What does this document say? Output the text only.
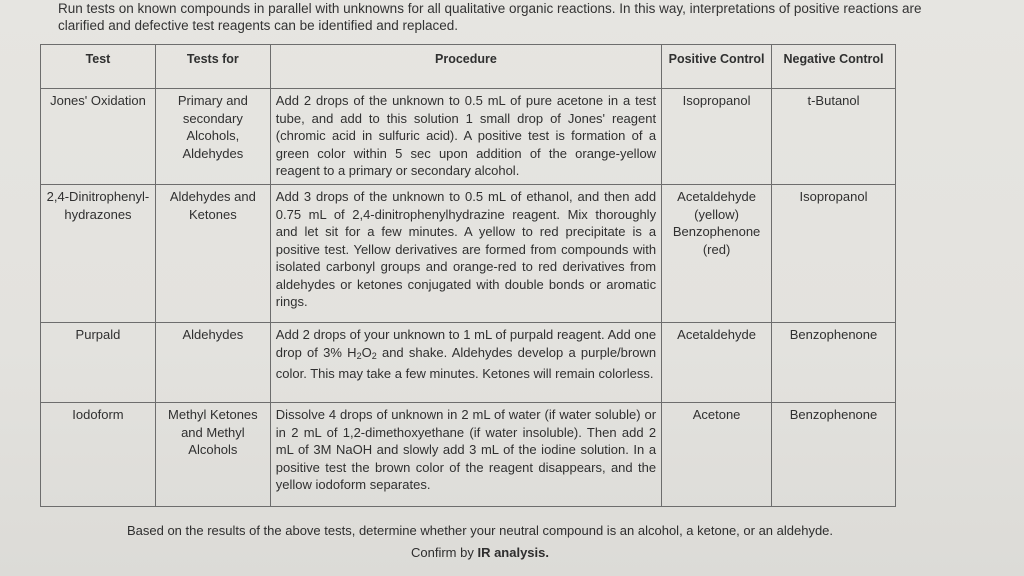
Run tests on known compounds in parallel with unknowns for all qualitative organic reactions. In this way, interpretations of positive reactions are clarified and defective test reagents can be identified and replaced.
Test	Tests for	Procedure	Positive Control	Negative Control
Jones' Oxidation	Primary and secondary Alcohols, Aldehydes	Add 2 drops of the unknown to 0.5 mL of pure acetone in a test tube, and add to this solution 1 small drop of Jones' reagent (chromic acid in sulfuric acid). A positive test is formation of a green color within 5 sec upon addition of the orange-yellow reagent to a primary or secondary alcohol.	Isopropanol	t-Butanol
2,4-Dinitrophenyl-hydrazones	Aldehydes and Ketones	Add 3 drops of the unknown to 0.5 mL of ethanol, and then add 0.75 mL of 2,4-dinitrophenylhydrazine reagent. Mix thoroughly and let sit for a few minutes. A yellow to red precipitate is a positive test. Yellow derivatives are formed from compounds with isolated carbonyl groups and orange-red to red derivatives from aldehydes or ketones conjugated with double bonds or aromatic rings.	Acetaldehyde (yellow) Benzophenone (red)	Isopropanol
Purpald	Aldehydes	Add 2 drops of your unknown to 1 mL of purpald reagent. Add one drop of 3% $H_2O_2$ and shake. Aldehydes develop a purple/brown color. This may take a few minutes. Ketones will remain colorless.	Acetaldehyde	Benzophenone
Iodoform	Methyl Ketones and Methyl Alcohols	Dissolve 4 drops of unknown in 2 mL of water (if water soluble) or in 2 mL of 1,2-dimethoxyethane (if water insoluble). Then add 2 mL of 3M NaOH and slowly add 3 mL of the iodine solution. In a positive test the brown color of the reagent disappears, and the yellow iodoform separates.	Acetone	Benzophenone
Based on the results of the above tests, determine whether your neutral compound is an alcohol, a ketone, or an aldehyde.
Confirm by IR analysis.
